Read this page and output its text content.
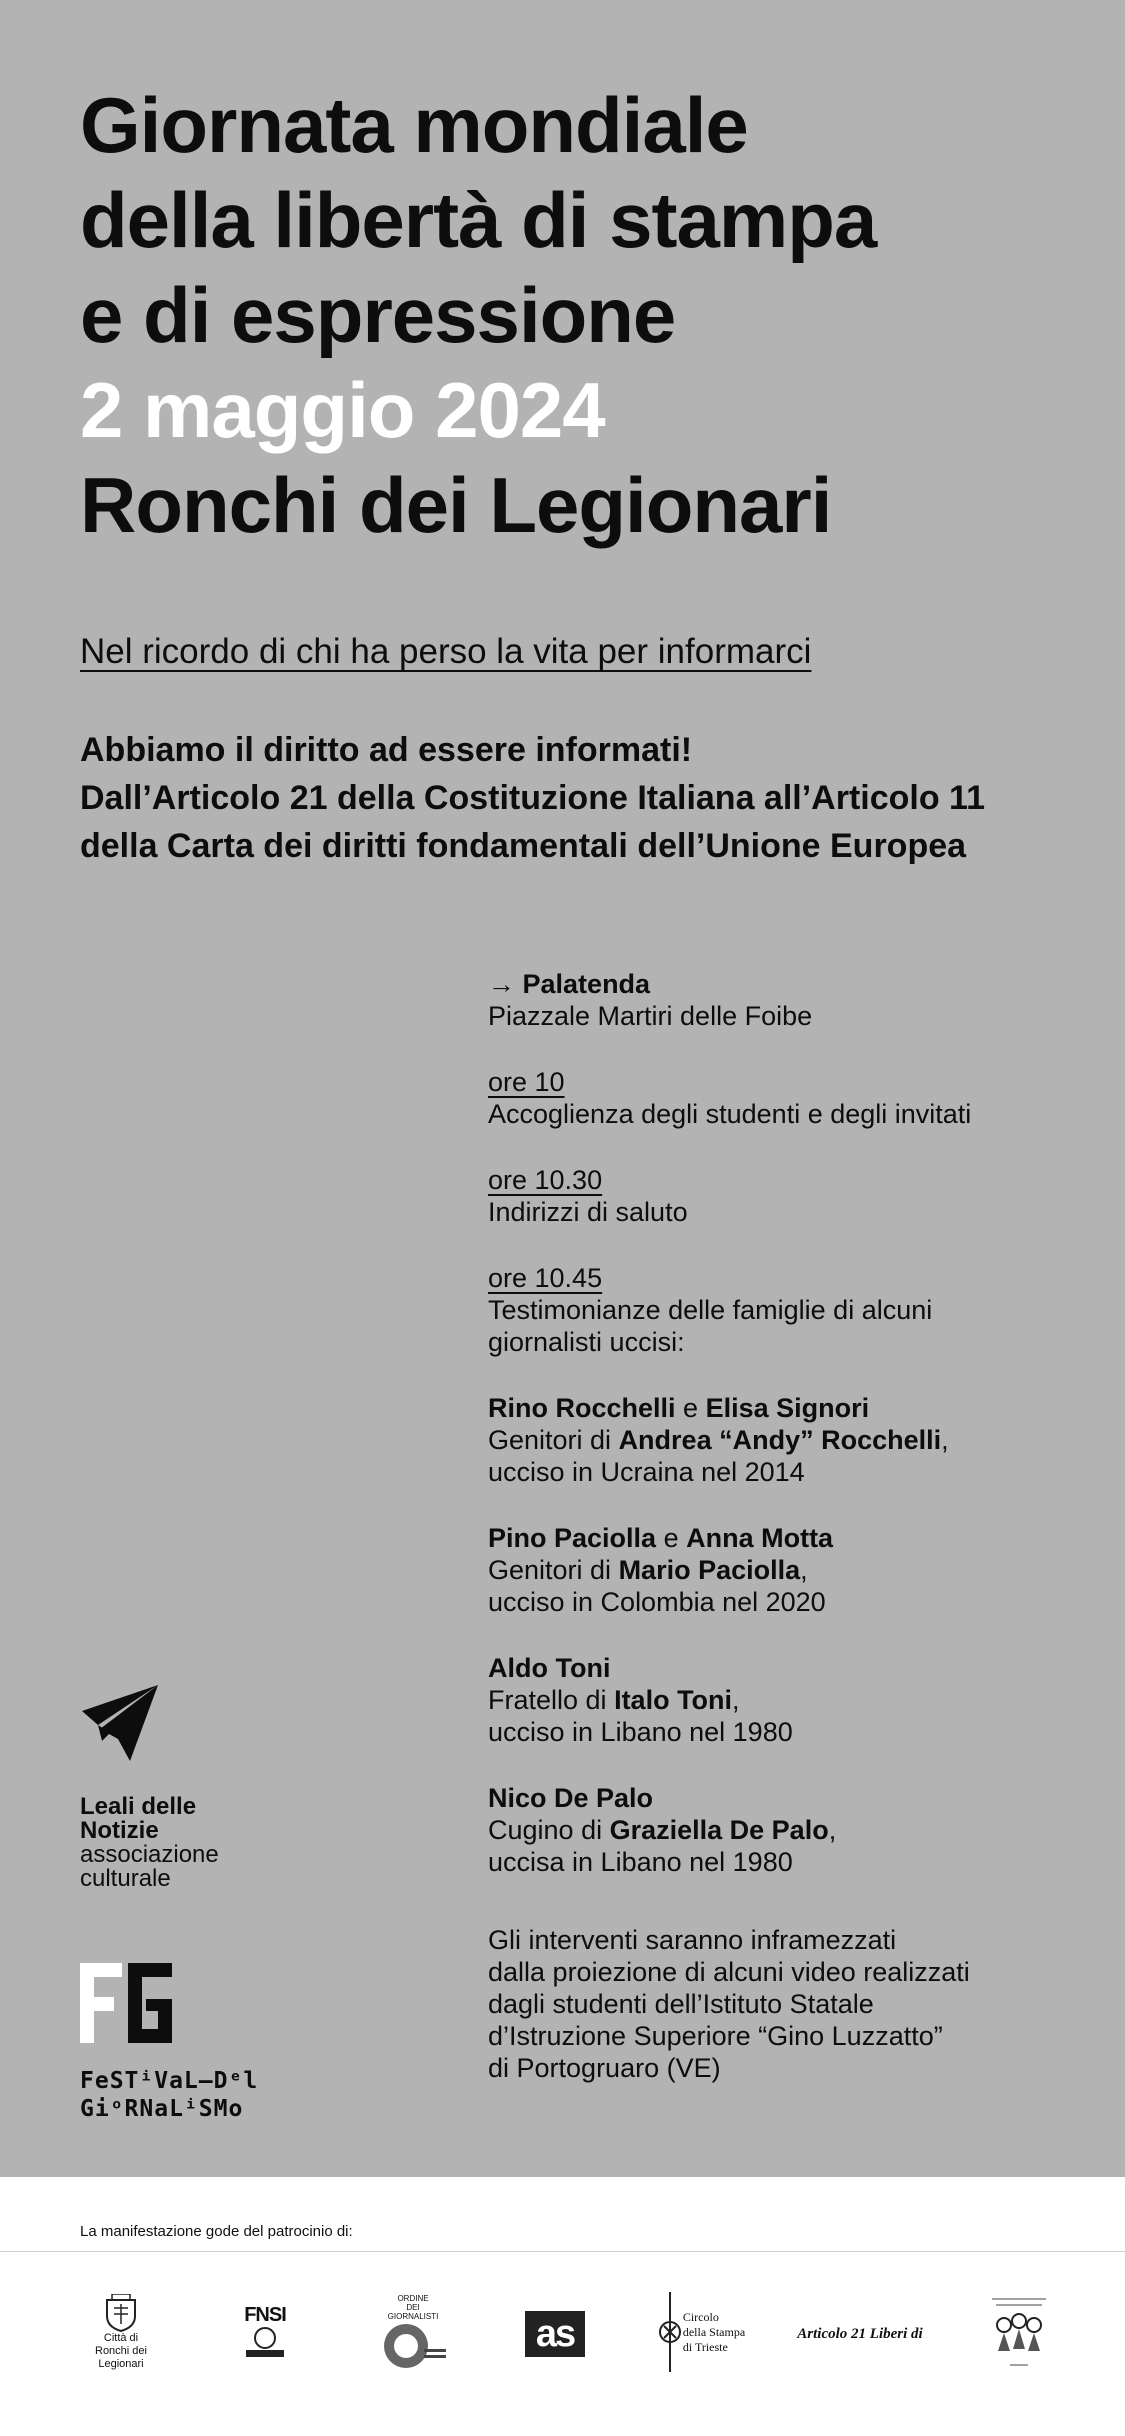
Giornata mondiale
della libertà di stampa
e di espressione
2 maggio 2024
Ronchi dei Legionari
Nel ricordo di chi ha perso la vita per informarci
Abbiamo il diritto ad essere informati!
Dall’Articolo 21 della Costituzione Italiana all’Articolo 11
della Carta dei diritti fondamentali dell’Unione Europea
→ Palatenda
Piazzale Martiri delle Foibe
ore 10
Accoglienza degli studenti e degli invitati
ore 10.30
Indirizzi di saluto
ore 10.45
Testimonianze delle famiglie di alcuni
giornalisti uccisi:
Rino Rocchelli e Elisa Signori
Genitori di Andrea “Andy” Rocchelli,
ucciso in Ucraina nel 2014
Pino Paciolla e Anna Motta
Genitori di Mario Paciolla,
ucciso in Colombia nel 2020
Aldo Toni
Fratello di Italo Toni,
ucciso in Libano nel 1980
Nico De Palo
Cugino di Graziella De Palo,
uccisa in Libano nel 1980
Gli interventi saranno inframezzati
dalla proiezione di alcuni video realizzati
dagli studenti dell’Istituto Statale
d’Istruzione Superiore “Gino Luzzatto”
di Portogruaro (VE)
Leali delle
Notizie
associazione
culturale
FeSTⁱVaL—Dᵉl
GiᵒRNaLⁱSMo
La manifestazione gode del patrocinio di:
Città di
Ronchi dei Legionari
FNSI
ORDINE
DEI
GIORNALISTI	as	Circolo
della Stampa
di Trieste
Articolo 21 Liberi di
